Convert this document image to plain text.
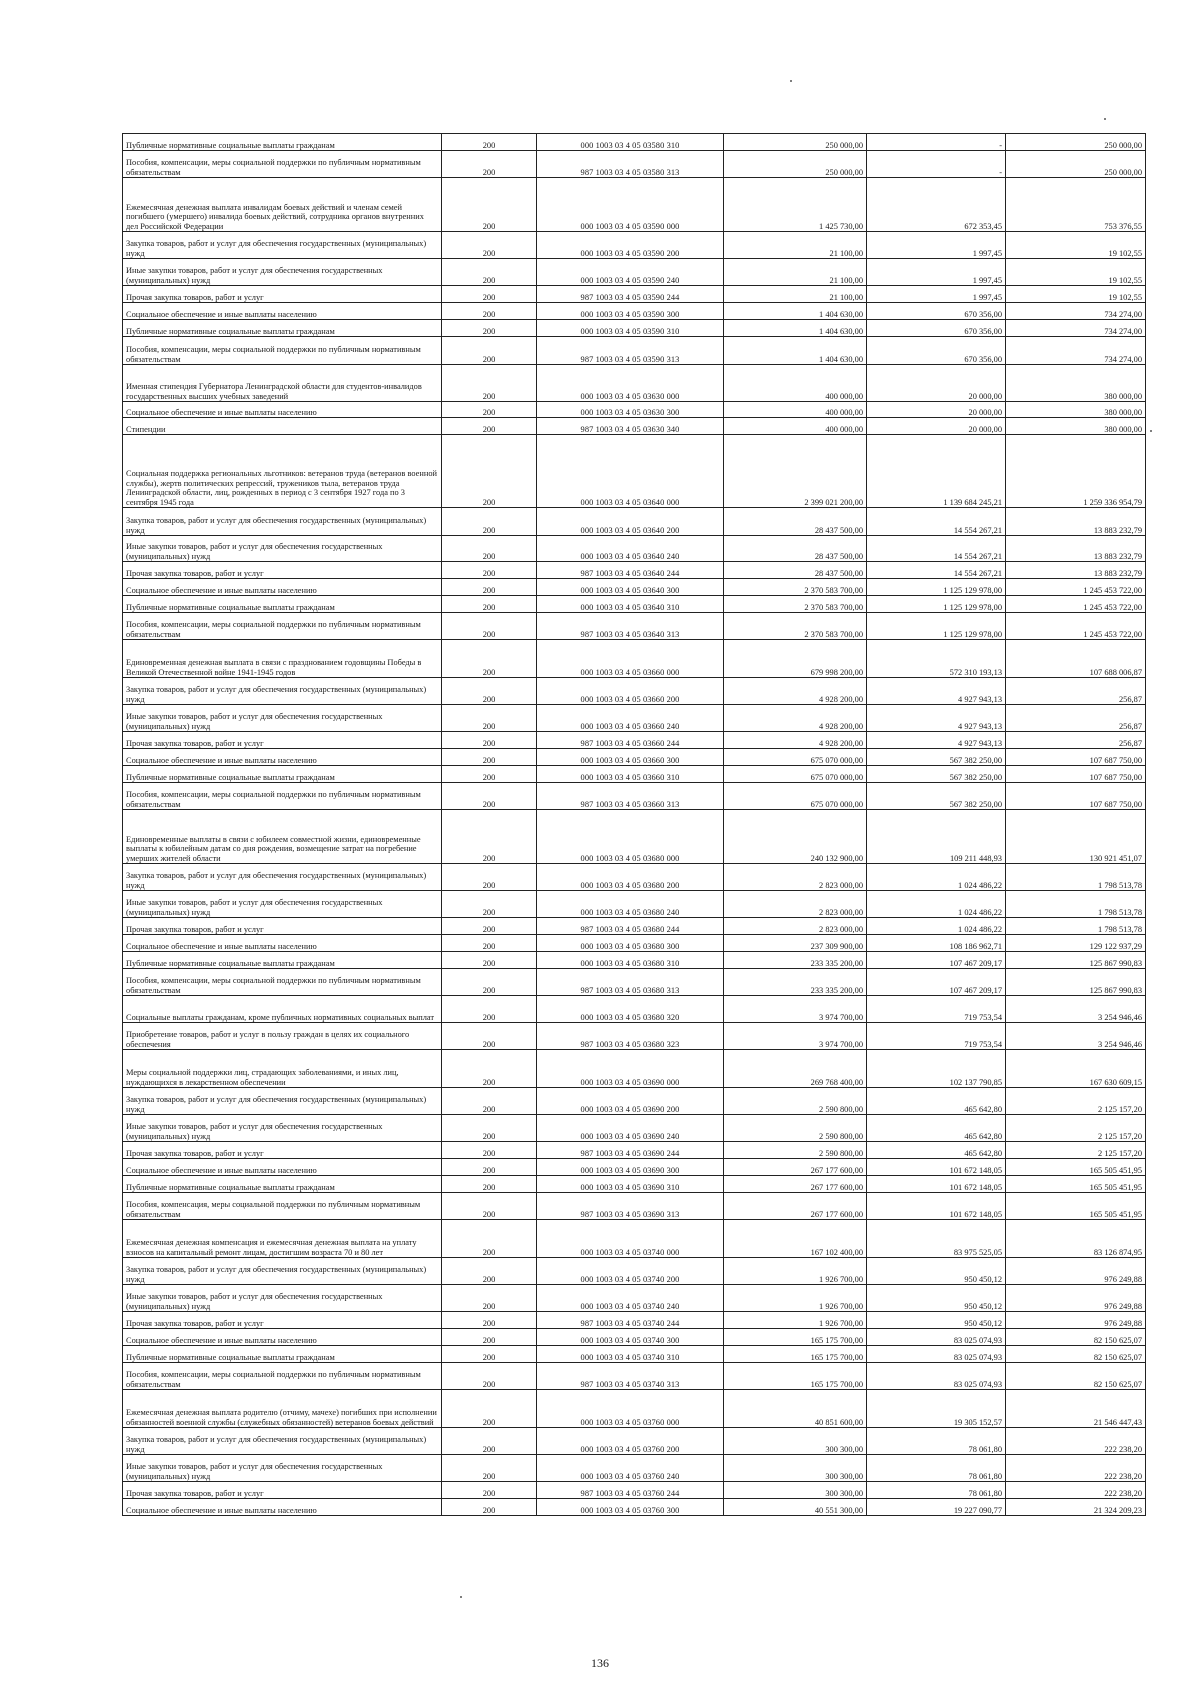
Публичные нормативные социальные выплаты гражданам	200	000 1003 03 4 05 03580 310	250 000,00	-	250 000,00
Пособия, компенсации, меры социальной поддержки по публичным нормативным обязательствам	200	987 1003 03 4 05 03580 313	250 000,00	-	250 000,00
Ежемесячная денежная выплата инвалидам боевых действий и членам семей погибшего (умершего) инвалида боевых действий, сотрудника органов внутренних дел Российской Федерации	200	000 1003 03 4 05 03590 000	1 425 730,00	672 353,45	753 376,55
Закупка товаров, работ и услуг для обеспечения государственных (муниципальных) нужд	200	000 1003 03 4 05 03590 200	21 100,00	1 997,45	19 102,55
Иные закупки товаров, работ и услуг для обеспечения государственных (муниципальных) нужд	200	000 1003 03 4 05 03590 240	21 100,00	1 997,45	19 102,55
Прочая закупка товаров, работ и услуг	200	987 1003 03 4 05 03590 244	21 100,00	1 997,45	19 102,55
Социальное обеспечение и иные выплаты населению	200	000 1003 03 4 05 03590 300	1 404 630,00	670 356,00	734 274,00
Публичные нормативные социальные выплаты гражданам	200	000 1003 03 4 05 03590 310	1 404 630,00	670 356,00	734 274,00
Пособия, компенсации, меры социальной поддержки по публичным нормативным обязательствам	200	987 1003 03 4 05 03590 313	1 404 630,00	670 356,00	734 274,00
Именная стипендия Губернатора Ленинградской области для студентов-инвалидов государственных высших учебных заведений	200	000 1003 03 4 05 03630 000	400 000,00	20 000,00	380 000,00
Социальное обеспечение и иные выплаты населению	200	000 1003 03 4 05 03630 300	400 000,00	20 000,00	380 000,00
Стипендии	200	987 1003 03 4 05 03630 340	400 000,00	20 000,00	380 000,00
Социальная поддержка региональных льготников: ветеранов труда (ветеранов военной службы), жертв политических репрессий, тружеников тыла, ветеранов труда Ленинградской области, лиц, рожденных в период с 3 сентября 1927 года по 3 сентября 1945 года	200	000 1003 03 4 05 03640 000	2 399 021 200,00	1 139 684 245,21	1 259 336 954,79
Закупка товаров, работ и услуг для обеспечения государственных (муниципальных) нужд	200	000 1003 03 4 05 03640 200	28 437 500,00	14 554 267,21	13 883 232,79
Иные закупки товаров, работ и услуг для обеспечения государственных (муниципальных) нужд	200	000 1003 03 4 05 03640 240	28 437 500,00	14 554 267,21	13 883 232,79
Прочая закупка товаров, работ и услуг	200	987 1003 03 4 05 03640 244	28 437 500,00	14 554 267,21	13 883 232,79
Социальное обеспечение и иные выплаты населению	200	000 1003 03 4 05 03640 300	2 370 583 700,00	1 125 129 978,00	1 245 453 722,00
Публичные нормативные социальные выплаты гражданам	200	000 1003 03 4 05 03640 310	2 370 583 700,00	1 125 129 978,00	1 245 453 722,00
Пособия, компенсации, меры социальной поддержки по публичным нормативным обязательствам	200	987 1003 03 4 05 03640 313	2 370 583 700,00	1 125 129 978,00	1 245 453 722,00
Единовременная денежная выплата в связи с празднованием годовщины Победы в Великой Отечественной войне 1941-1945 годов	200	000 1003 03 4 05 03660 000	679 998 200,00	572 310 193,13	107 688 006,87
Закупка товаров, работ и услуг для обеспечения государственных (муниципальных) нужд	200	000 1003 03 4 05 03660 200	4 928 200,00	4 927 943,13	256,87
Иные закупки товаров, работ и услуг для обеспечения государственных (муниципальных) нужд	200	000 1003 03 4 05 03660 240	4 928 200,00	4 927 943,13	256,87
Прочая закупка товаров, работ и услуг	200	987 1003 03 4 05 03660 244	4 928 200,00	4 927 943,13	256,87
Социальное обеспечение и иные выплаты населению	200	000 1003 03 4 05 03660 300	675 070 000,00	567 382 250,00	107 687 750,00
Публичные нормативные социальные выплаты гражданам	200	000 1003 03 4 05 03660 310	675 070 000,00	567 382 250,00	107 687 750,00
Пособия, компенсации, меры социальной поддержки по публичным нормативным обязательствам	200	987 1003 03 4 05 03660 313	675 070 000,00	567 382 250,00	107 687 750,00
Единовременные выплаты в связи с юбилеем совместной жизни, единовременные выплаты к юбилейным датам со дня рождения, возмещение затрат на погребение умерших жителей области	200	000 1003 03 4 05 03680 000	240 132 900,00	109 211 448,93	130 921 451,07
Закупка товаров, работ и услуг для обеспечения государственных (муниципальных) нужд	200	000 1003 03 4 05 03680 200	2 823 000,00	1 024 486,22	1 798 513,78
Иные закупки товаров, работ и услуг для обеспечения государственных (муниципальных) нужд	200	000 1003 03 4 05 03680 240	2 823 000,00	1 024 486,22	1 798 513,78
Прочая закупка товаров, работ и услуг	200	987 1003 03 4 05 03680 244	2 823 000,00	1 024 486,22	1 798 513,78
Социальное обеспечение и иные выплаты населению	200	000 1003 03 4 05 03680 300	237 309 900,00	108 186 962,71	129 122 937,29
Публичные нормативные социальные выплаты гражданам	200	000 1003 03 4 05 03680 310	233 335 200,00	107 467 209,17	125 867 990,83
Пособия, компенсации, меры социальной поддержки по публичным нормативным обязательствам	200	987 1003 03 4 05 03680 313	233 335 200,00	107 467 209,17	125 867 990,83
Социальные выплаты гражданам, кроме публичных нормативных социальных выплат	200	000 1003 03 4 05 03680 320	3 974 700,00	719 753,54	3 254 946,46
Приобретение товаров, работ и услуг в пользу граждан в целях их социального обеспечения	200	987 1003 03 4 05 03680 323	3 974 700,00	719 753,54	3 254 946,46
Меры социальной поддержки лиц, страдающих заболеваниями, и иных лиц, нуждающихся в лекарственном обеспечении	200	000 1003 03 4 05 03690 000	269 768 400,00	102 137 790,85	167 630 609,15
Закупка товаров, работ и услуг для обеспечения государственных (муниципальных) нужд	200	000 1003 03 4 05 03690 200	2 590 800,00	465 642,80	2 125 157,20
Иные закупки товаров, работ и услуг для обеспечения государственных (муниципальных) нужд	200	000 1003 03 4 05 03690 240	2 590 800,00	465 642,80	2 125 157,20
Прочая закупка товаров, работ и услуг	200	987 1003 03 4 05 03690 244	2 590 800,00	465 642,80	2 125 157,20
Социальное обеспечение и иные выплаты населению	200	000 1003 03 4 05 03690 300	267 177 600,00	101 672 148,05	165 505 451,95
Публичные нормативные социальные выплаты гражданам	200	000 1003 03 4 05 03690 310	267 177 600,00	101 672 148,05	165 505 451,95
Пособия, компенсация, меры социальной поддержки по публичным нормативным обязательствам	200	987 1003 03 4 05 03690 313	267 177 600,00	101 672 148,05	165 505 451,95
Ежемесячная денежная компенсация и ежемесячная денежная выплата на уплату взносов на капитальный ремонт лицам, достигшим возраста 70 и 80 лет	200	000 1003 03 4 05 03740 000	167 102 400,00	83 975 525,05	83 126 874,95
Закупка товаров, работ и услуг для обеспечения государственных (муниципальных) нужд	200	000 1003 03 4 05 03740 200	1 926 700,00	950 450,12	976 249,88
Иные закупки товаров, работ и услуг для обеспечения государственных (муниципальных) нужд	200	000 1003 03 4 05 03740 240	1 926 700,00	950 450,12	976 249,88
Прочая закупка товаров, работ и услуг	200	987 1003 03 4 05 03740 244	1 926 700,00	950 450,12	976 249,88
Социальное обеспечение и иные выплаты населению	200	000 1003 03 4 05 03740 300	165 175 700,00	83 025 074,93	82 150 625,07
Публичные нормативные социальные выплаты гражданам	200	000 1003 03 4 05 03740 310	165 175 700,00	83 025 074,93	82 150 625,07
Пособия, компенсации, меры социальной поддержки по публичным нормативным обязательствам	200	987 1003 03 4 05 03740 313	165 175 700,00	83 025 074,93	82 150 625,07
Ежемесячная денежная выплата родителю (отчиму, мачехе) погибших при исполнении обязанностей военной службы (служебных обязанностей) ветеранов боевых действий	200	000 1003 03 4 05 03760 000	40 851 600,00	19 305 152,57	21 546 447,43
Закупка товаров, работ и услуг для обеспечения государственных (муниципальных) нужд	200	000 1003 03 4 05 03760 200	300 300,00	78 061,80	222 238,20
Иные закупки товаров, работ и услуг для обеспечения государственных (муниципальных) нужд	200	000 1003 03 4 05 03760 240	300 300,00	78 061,80	222 238,20
Прочая закупка товаров, работ и услуг	200	987 1003 03 4 05 03760 244	300 300,00	78 061,80	222 238,20
Социальное обеспечение и иные выплаты населению	200	000 1003 03 4 05 03760 300	40 551 300,00	19 227 090,77	21 324 209,23
136
